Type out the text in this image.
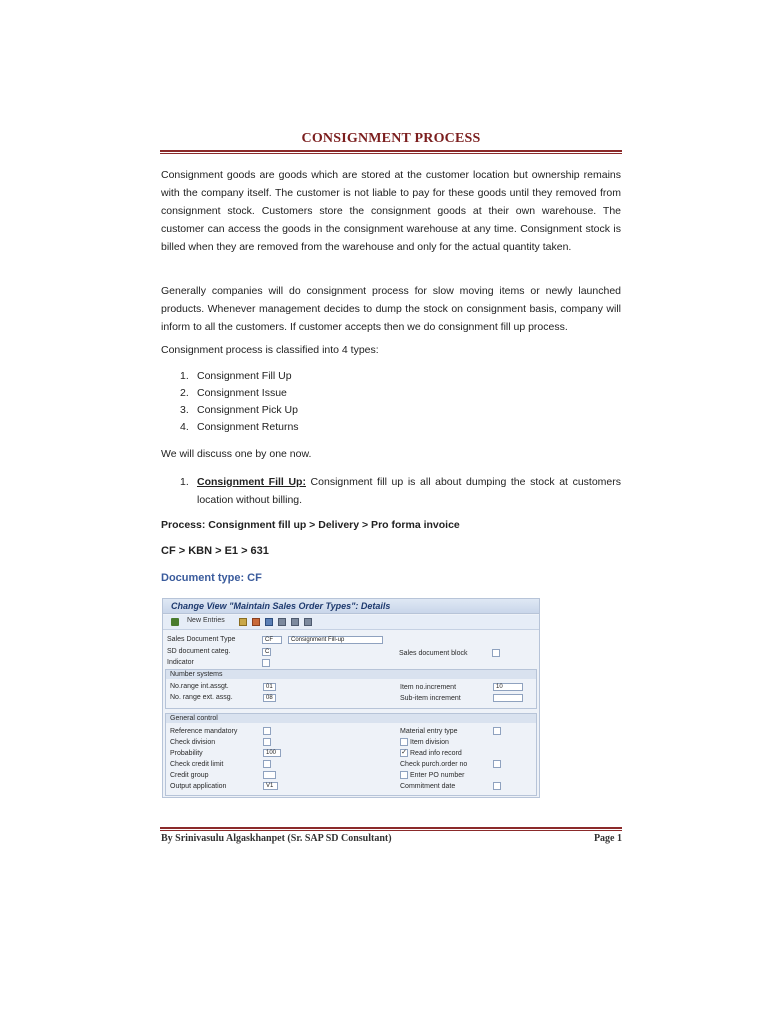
CONSIGNMENT PROCESS

Consignment goods are goods which are stored at the customer location but ownership remains with the company itself. The customer is not liable to pay for these goods until they removed from consignment stock. Customers store the consignment goods at their own warehouse. The customer can access the goods in the consignment warehouse at any time. Consignment stock is billed when they are removed from the warehouse and only for the actual quantity taken.

Generally companies will do consignment process for slow moving items or newly launched products. Whenever management decides to dump the stock on consignment basis, company will inform to all the customers. If customer accepts then we do consignment fill up process.

Consignment process is classified into 4 types:

1. Consignment Fill Up
2. Consignment Issue
3. Consignment Pick Up
4. Consignment Returns

We will discuss one by one now.

1. Consignment Fill Up: Consignment fill up is all about dumping the stock at customers location without billing.
Process: Consignment fill up > Delivery > Pro forma invoice
CF > KBN > E1 > 631
Document type: CF
Change View "Maintain Sales Order Types": Details
New Entries
Sales Document Type	CF	Consignment Fill-up
SD document categ.	C	Sales document block
Indicator
Number systems
No.range int.assgt.	01	Item no.increment	10
No. range ext. assg.	08	Sub-item increment
General control
Reference mandatory	Material entry type
Check division	Item division
Probability	100	✓ Read info record
Check credit limit	Check purch.order no
Credit group	Enter PO number
Output application	V1	Commitment date
By Srinivasulu Algaskhanpet (Sr. SAP SD Consultant)	Page 1
